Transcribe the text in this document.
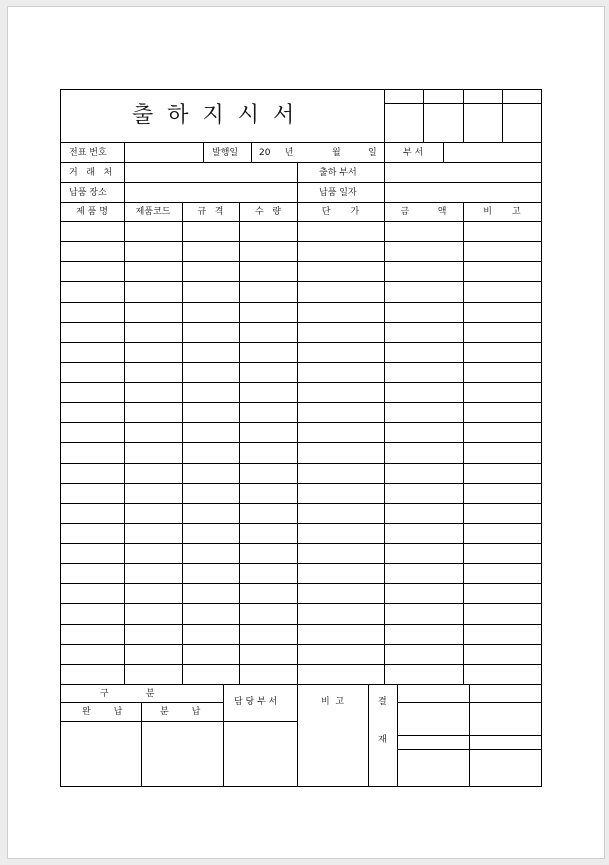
출  하  지  시  서
전표 번호	발행일 20     년	월	일	부 서
거   래   처	출하 부서
납품 장소	납품 일자
제 품 명	제품코드	규   격	수   량	단       가	금          액	비       고
구             분
완        납	분        납
담 당 부 서	비  고	결
재
